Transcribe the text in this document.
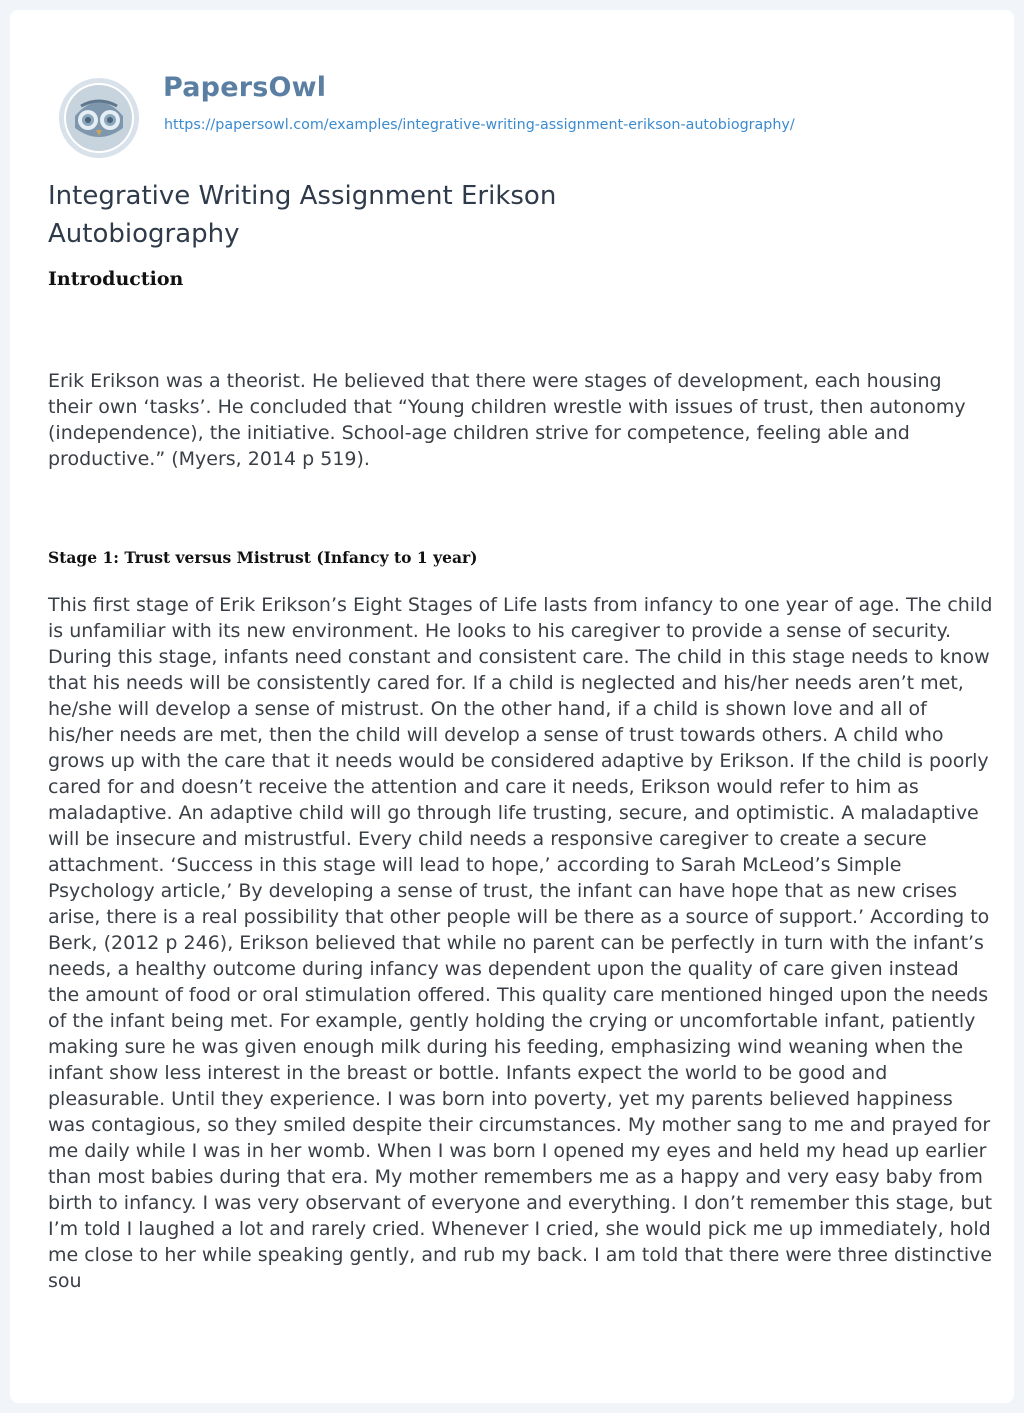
PapersOwl
https://papersowl.com/examples/integrative-writing-assignment-erikson-autobiography/
Integrative Writing Assignment Erikson Autobiography
Introduction

Erik Erikson was a theorist. He believed that there were stages of development, each housing their own ‘tasks’. He concluded that “Young children wrestle with issues of trust, then autonomy (independence), the initiative. School-age children strive for competence, feeling able and productive.” (Myers, 2014 p 519).

Stage 1: Trust versus Mistrust (Infancy to 1 year)

This first stage of Erik Erikson’s Eight Stages of Life lasts from infancy to one year of age. The child is unfamiliar with its new environment. He looks to his caregiver to provide a sense of security. During this stage, infants need constant and consistent care. The child in this stage needs to know that his needs will be consistently cared for. If a child is neglected and his/her needs aren’t met, he/she will develop a sense of mistrust. On the other hand, if a child is shown love and all of his/her needs are met, then the child will develop a sense of trust towards others. A child who grows up with the care that it needs would be considered adaptive by Erikson. If the child is poorly cared for and doesn’t receive the attention and care it needs, Erikson would refer to him as maladaptive. An adaptive child will go through life trusting, secure, and optimistic. A maladaptive will be insecure and mistrustful. Every child needs a responsive caregiver to create a secure attachment. ‘Success in this stage will lead to hope,’ according to Sarah McLeod’s Simple Psychology article,’ By developing a sense of trust, the infant can have hope that as new crises arise, there is a real possibility that other people will be there as a source of support.’ According to Berk, (2012 p 246), Erikson believed that while no parent can be perfectly in turn with the infant’s needs, a healthy outcome during infancy was dependent upon the quality of care given instead the amount of food or oral stimulation offered. This quality care mentioned hinged upon the needs of the infant being met. For example, gently holding the crying or uncomfortable infant, patiently making sure he was given enough milk during his feeding, emphasizing wind weaning when the infant show less interest in the breast or bottle. Infants expect the world to be good and pleasurable. Until they experience. I was born into poverty, yet my parents believed happiness was contagious, so they smiled despite their circumstances. My mother sang to me and prayed for me daily while I was in her womb. When I was born I opened my eyes and held my head up earlier than most babies during that era. My mother remembers me as a happy and very easy baby from birth to infancy. I was very observant of everyone and everything. I don’t remember this stage, but I’m told I laughed a lot and rarely cried. Whenever I cried, she would pick me up immediately, hold me close to her while speaking gently, and rub my back. I am told that there were three distinctive sou
